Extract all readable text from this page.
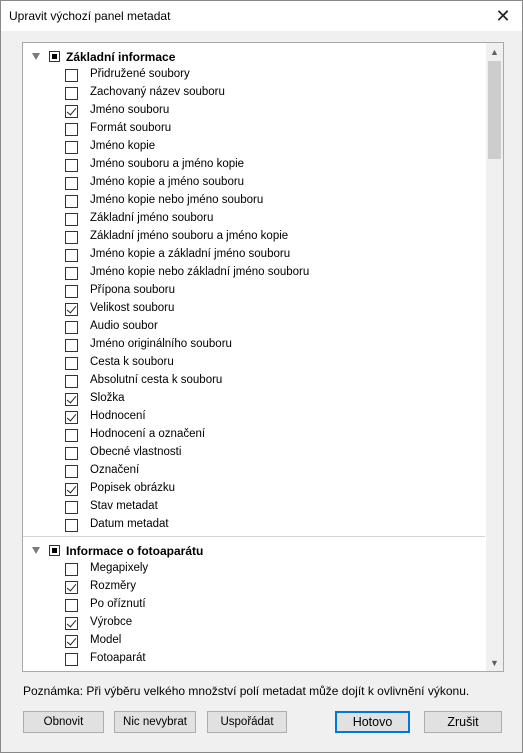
Upravit výchozí panel metadat	✕
Základní informace
Přidružené soubory
Zachovaný název souboru
Jméno souboru
Formát souboru
Jméno kopie
Jméno souboru a jméno kopie
Jméno kopie a jméno souboru
Jméno kopie nebo jméno souboru
Základní jméno souboru
Základní jméno souboru a jméno kopie
Jméno kopie a základní jméno souboru
Jméno kopie nebo základní jméno souboru
Přípona souboru
Velikost souboru
Audio soubor
Jméno originálního souboru
Cesta k souboru
Absolutní cesta k souboru
Složka
Hodnocení
Hodnocení a označení
Obecné vlastnosti
Označení
Popisek obrázku
Stav metadat
Datum metadat
Informace o fotoaparátu
Megapixely
Rozměry
Po oříznutí
Výrobce
Model
Fotoaparát
▲
▼
Poznámka: Při výběru velkého množství polí metadat může dojít k ovlivnění výkonu.
Obnovit	Nic nevybrat	Uspořádat	Hotovo	Zrušit
